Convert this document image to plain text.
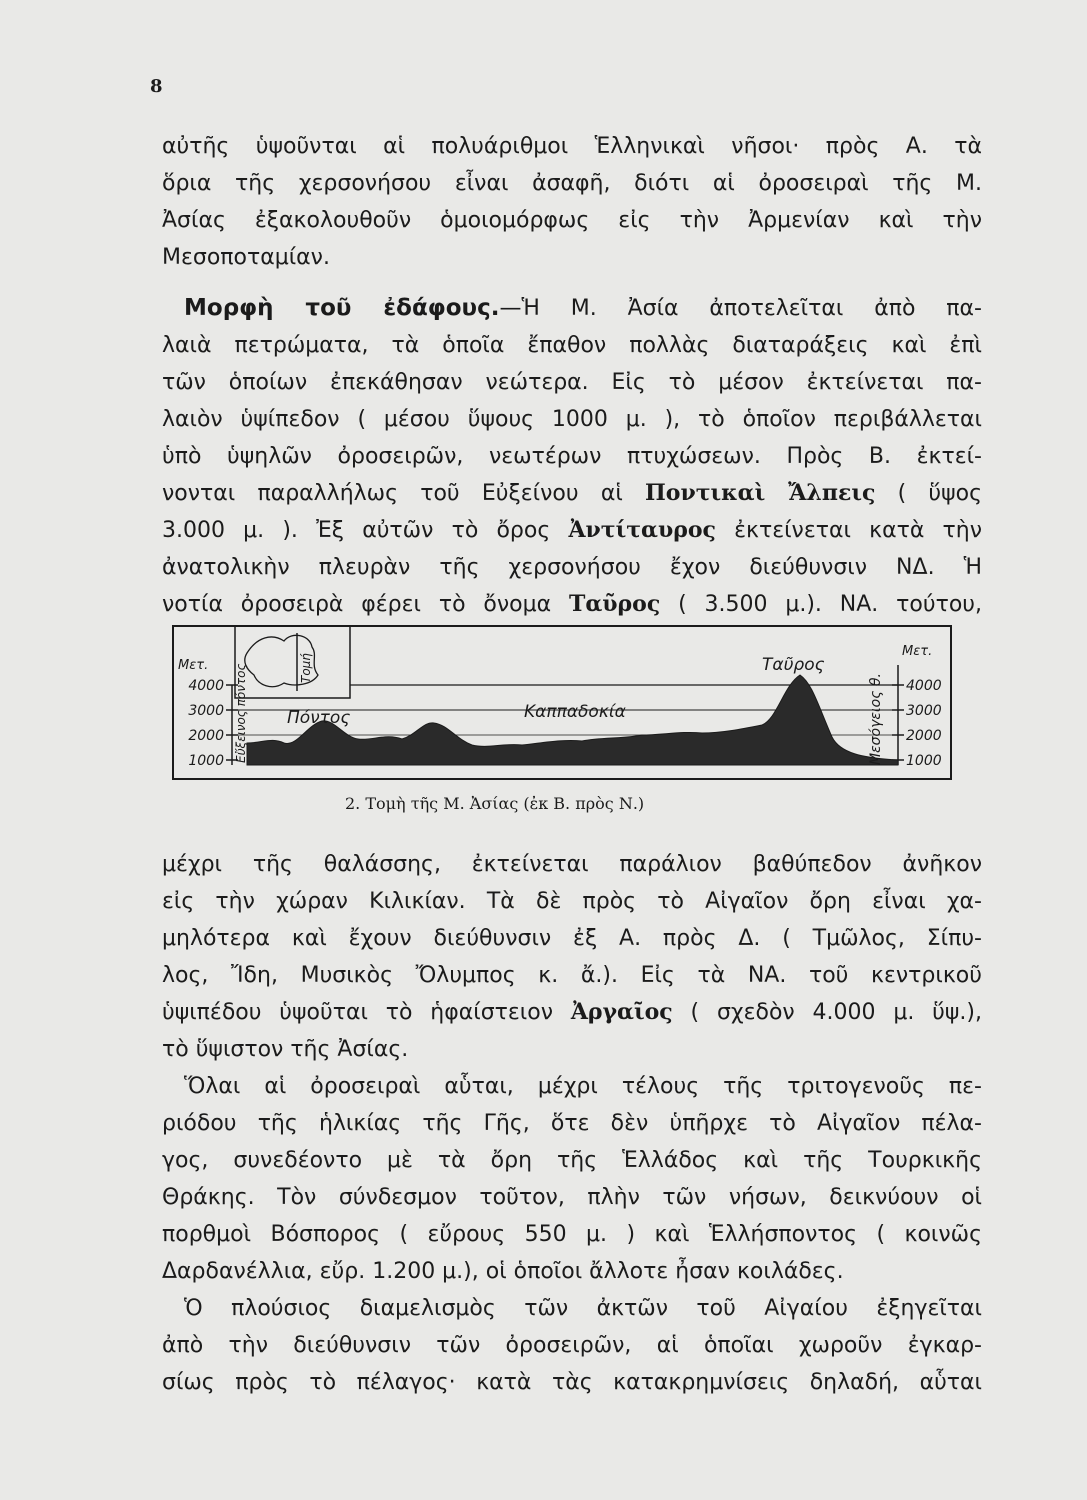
8
αὐτῆς ὑψοῦνται αἱ πολυάριθμοι Ἑλληνικαὶ νῆσοι· πρὸς Α. τὰ
ὅρια τῆς χερσονήσου εἶναι ἀσαφῆ, διότι αἱ ὀροσειραὶ τῆς Μ.
Ἀσίας ἐξακολουθοῦν ὁμοιομόρφως εἰς τὴν Ἀρμενίαν καὶ τὴν
Μεσοποταμίαν.
Μορφὴ τοῦ ἐδάφους.—Ἡ Μ. Ἀσία ἀποτελεῖται ἀπὸ πα-
λαιὰ πετρώματα, τὰ ὁποῖα ἔπαθον πολλὰς διαταράξεις καὶ ἐπὶ
τῶν ὁποίων ἐπεκάθησαν νεώτερα. Εἰς τὸ μέσον ἐκτείνεται πα-
λαιὸν ὑψίπεδον ( μέσου ὕψους 1000 μ. ), τὸ ὁποῖον περιβάλλεται
ὑπὸ ὑψηλῶν ὀροσειρῶν, νεωτέρων πτυχώσεων. Πρὸς Β. ἐκτεί-
νονται παραλλήλως τοῦ Εὐξείνου αἱ Ποντικαὶ Ἄλπεις ( ὕψος
3.000 μ. ). Ἐξ αὐτῶν τὸ ὄρος Ἀντίταυρος ἐκτείνεται κατὰ τὴν
ἀνατολικὴν πλευρὰν τῆς χερσονήσου ἔχον διεύθυνσιν ΝΔ. Ἡ
νοτία ὀροσειρὰ φέρει τὸ ὄνομα Ταῦρος ( 3.500 μ.). ΝΑ. τούτου,
Τομή
Μετ.
4000
3000
2000
1000
Μετ.
4000
3000
2000
1000
Εὔξεινος πόντος Πόντος	Καππαδοκία
Ταῦρος
Μεσόγειος θ.
2. Τομὴ τῆς Μ. Ἀσίας (ἐκ Β. πρὸς Ν.)
μέχρι τῆς θαλάσσης, ἐκτείνεται παράλιον βαθύπεδον ἀνῆκον
εἰς τὴν χώραν Κιλικίαν. Τὰ δὲ πρὸς τὸ Αἰγαῖον ὄρη εἶναι χα-
μηλότερα καὶ ἔχουν διεύθυνσιν ἐξ Α. πρὸς Δ. ( Τμῶλος, Σίπυ-
λος, Ἴδη, Μυσικὸς Ὄλυμπος κ. ἄ.). Εἰς τὰ ΝΑ. τοῦ κεντρικοῦ
ὑψιπέδου ὑψοῦται τὸ ἡφαίστειον Ἀργαῖος ( σχεδὸν 4.000 μ. ὕψ.),
τὸ ὕψιστον τῆς Ἀσίας.
Ὅλαι αἱ ὀροσειραὶ αὗται, μέχρι τέλους τῆς τριτογενοῦς πε-
ριόδου τῆς ἡλικίας τῆς Γῆς, ὅτε δὲν ὑπῆρχε τὸ Αἰγαῖον πέλα-
γος, συνεδέοντο μὲ τὰ ὄρη τῆς Ἑλλάδος καὶ τῆς Τουρκικῆς
Θράκης. Τὸν σύνδεσμον τοῦτον, πλὴν τῶν νήσων, δεικνύουν οἱ
πορθμοὶ Βόσπορος ( εὔρους 550 μ. ) καὶ Ἑλλήσποντος ( κοινῶς
Δαρδανέλλια, εὔρ. 1.200 μ.), οἱ ὁποῖοι ἄλλοτε ἦσαν κοιλάδες.
Ὁ πλούσιος διαμελισμὸς τῶν ἀκτῶν τοῦ Αἰγαίου ἐξηγεῖται
ἀπὸ τὴν διεύθυνσιν τῶν ὀροσειρῶν, αἱ ὁποῖαι χωροῦν ἐγκαρ-
σίως πρὸς τὸ πέλαγος· κατὰ τὰς κατακρημνίσεις δηλαδή, αὗται
